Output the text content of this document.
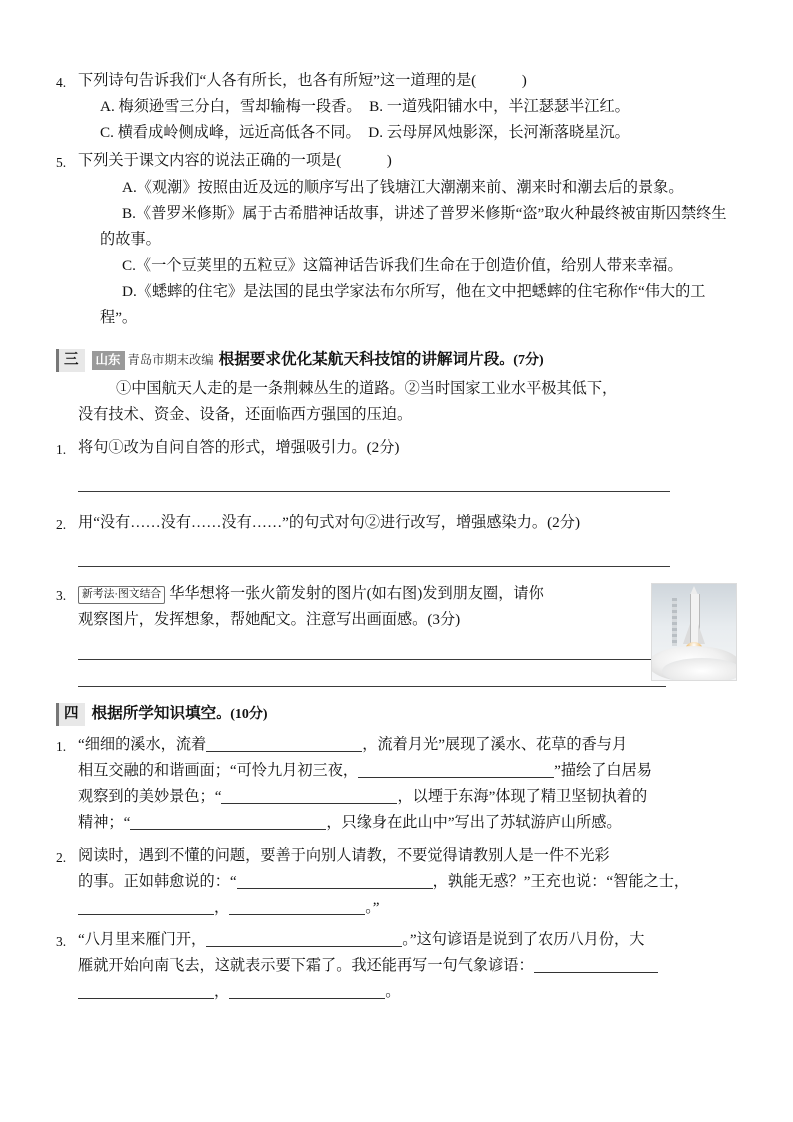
4. 下列诗句告诉我们“人各有所长，也各有所短”这一道理的是(　　　)
A. 梅须逊雪三分白，雪却输梅一段香。　B. 一道残阳铺水中，半江瑟瑟半江红。
C. 横看成岭侧成峰，远近高低各不同。　D. 云母屏风烛影深，长河渐落晓星沉。
5. 下列关于课文内容的说法正确的一项是(　　　)
A.《观潮》按照由近及远的顺序写出了钱塘江大潮潮来前、潮来时和潮去后的景象。
B.《普罗米修斯》属于古希腊神话故事，讲述了普罗米修斯“盗”取火种最终被宙斯囚禁终生的故事。
C.《一个豆荚里的五粒豆》这篇神话告诉我们生命在于创造价值，给别人带来幸福。
D.《蟋蟀的住宅》是法国的昆虫学家法布尔所写，他在文中把蟋蟀的住宅称作“伟大的工程”。
三	山东 青岛市期末改编 根据要求优化某航天科技馆的讲解词片段 。(7分)
①中国航天人走的是一条荆棘丛生的道路。②当时国家工业水平极其低下，
没有技术、资金、设备，还面临西方强国的压迫。
1. 将句①改为自问自答的形式，增强吸引力。(2分)
2. 用“没有……没有……没有……”的句式对句②进行改写，增强感染力。(2分)
3.	新考法·图文结合 华华想将一张火箭发射的图片(如右图)发到朋友圈，请你
观察图片，发挥想象，帮她配文。注意写出画面感。(3分)
四 根据所学知识填空 。(10分)
1. “细细的溪水，流着	，流着月光”展现了溪水、花草的香与月
相互交融的和谐画面；“可怜九月初三夜，	”描绘了白居易
观察到的美妙景色；“	，以堙于东海”体现了精卫坚韧执着的
精神；“	，只缘身在此山中”写出了苏轼游庐山所感。
2. 阅读时，遇到不懂的问题，要善于向别人请教，不要觉得请教别人是一件不光彩
的事。正如韩愈说的：“	，孰能无惑？”王充也说：“智能之士，
，	。”
3. “八月里来雁门开，	。”这句谚语是说到了农历八月份，大
雁就开始向南飞去，这就表示要下霜了。我还能再写一句气象谚语：
，	。
